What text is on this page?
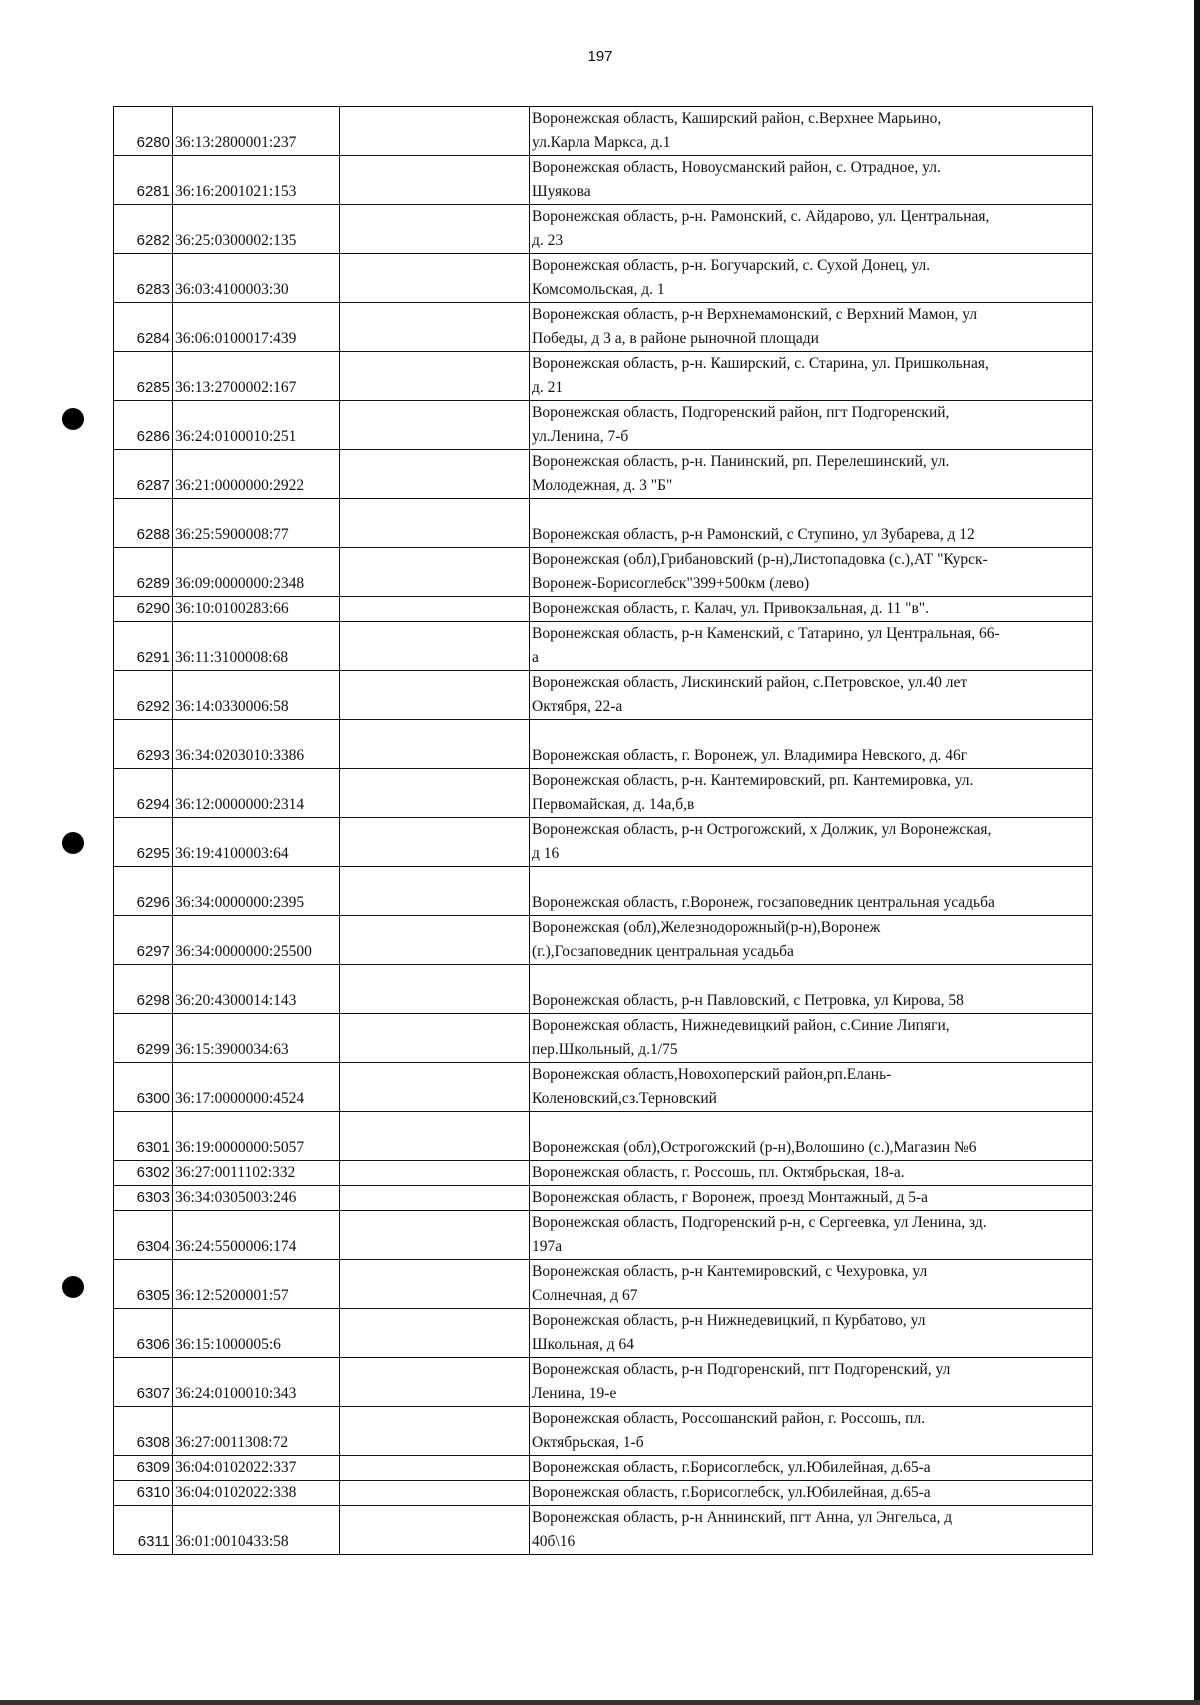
197
6280	36:13:2800001:237		Воронежская область, Каширский район, с.Верхнее Марьино,
ул.Карла Маркса, д.1

6281	36:16:2001021:153		Воронежская область, Новоусманский район, с. Отрадное, ул.
Шуякова

6282	36:25:0300002:135		Воронежская область, р-н. Рамонский, с. Айдарово, ул. Центральная,
д. 23

6283	36:03:4100003:30		Воронежская область, р-н. Богучарский, с. Сухой Донец, ул.
Комсомольская, д. 1

6284	36:06:0100017:439		Воронежская область, р-н Верхнемамонский, с Верхний Мамон, ул
Победы, д 3 а, в районе рыночной площади

6285	36:13:2700002:167		Воронежская область, р-н. Каширский, с. Старина, ул. Пришкольная,
д. 21

6286	36:24:0100010:251		Воронежская область, Подгоренский район, пгт Подгоренский,
ул.Ленина, 7-б

6287	36:21:0000000:2922		Воронежская область, р-н. Панинский, рп. Перелешинский, ул.
Молодежная, д. 3 "Б"

6288	36:25:5900008:77		Воронежская область, р-н Рамонский, с Ступино, ул Зубарева, д 12

6289	36:09:0000000:2348		Воронежская (обл),Грибановский (р-н),Листопадовка (с.),АТ "Курск-
Воронеж-Борисоглебск"399+500км (лево)

6290	36:10:0100283:66		Воронежская область, г. Калач, ул. Привокзальная, д. 11 "в".

6291	36:11:3100008:68		Воронежская область, р-н Каменский, с Татарино, ул Центральная, 66-
а

6292	36:14:0330006:58		Воронежская область, Лискинский район, с.Петровское, ул.40 лет
Октября, 22-а

6293	36:34:0203010:3386		Воронежская область, г. Воронеж, ул. Владимира Невского, д. 46г

6294	36:12:0000000:2314		Воронежская область, р-н. Кантемировский, рп. Кантемировка, ул.
Первомайская, д. 14а,б,в

6295	36:19:4100003:64		Воронежская область, р-н Острогожский, х Должик, ул Воронежская,
д 16

6296	36:34:0000000:2395		Воронежская область, г.Воронеж, госзаповедник центральная усадьба

6297	36:34:0000000:25500		Воронежская (обл),Железнодорожный(р-н),Воронеж
(г.),Госзаповедник центральная усадьба

6298	36:20:4300014:143		Воронежская область, р-н Павловский, с Петровка, ул Кирова, 58

6299	36:15:3900034:63		Воронежская область, Нижнедевицкий район, с.Синие Липяги,
пер.Школьный, д.1/75

6300	36:17:0000000:4524		Воронежская область,Новохоперский район,рп.Елань-
Коленовский,сз.Терновский

6301	36:19:0000000:5057		Воронежская (обл),Острогожский (р-н),Волошино (с.),Магазин №6

6302	36:27:0011102:332		Воронежская область, г. Россошь, пл. Октябрьская, 18-а.

6303	36:34:0305003:246		Воронежская область, г Воронеж, проезд Монтажный, д 5-а

6304	36:24:5500006:174		Воронежская область, Подгоренский р-н, с Сергеевка, ул Ленина, зд.
197а

6305	36:12:5200001:57		Воронежская область, р-н Кантемировский, с Чехуровка, ул
Солнечная, д 67

6306	36:15:1000005:6		Воронежская область, р-н Нижнедевицкий, п Курбатово, ул
Школьная, д 64

6307	36:24:0100010:343		Воронежская область, р-н Подгоренский, пгт Подгоренский, ул
Ленина, 19-е

6308	36:27:0011308:72		Воронежская область, Россошанский район, г. Россошь, пл.
Октябрьская, 1-б

6309	36:04:0102022:337		Воронежская область, г.Борисоглебск, ул.Юбилейная, д.65-а

6310	36:04:0102022:338		Воронежская область, г.Борисоглебск, ул.Юбилейная, д.65-а

6311	36:01:0010433:58		Воронежская область, р-н Аннинский, пгт Анна, ул Энгельса, д
40б\16
